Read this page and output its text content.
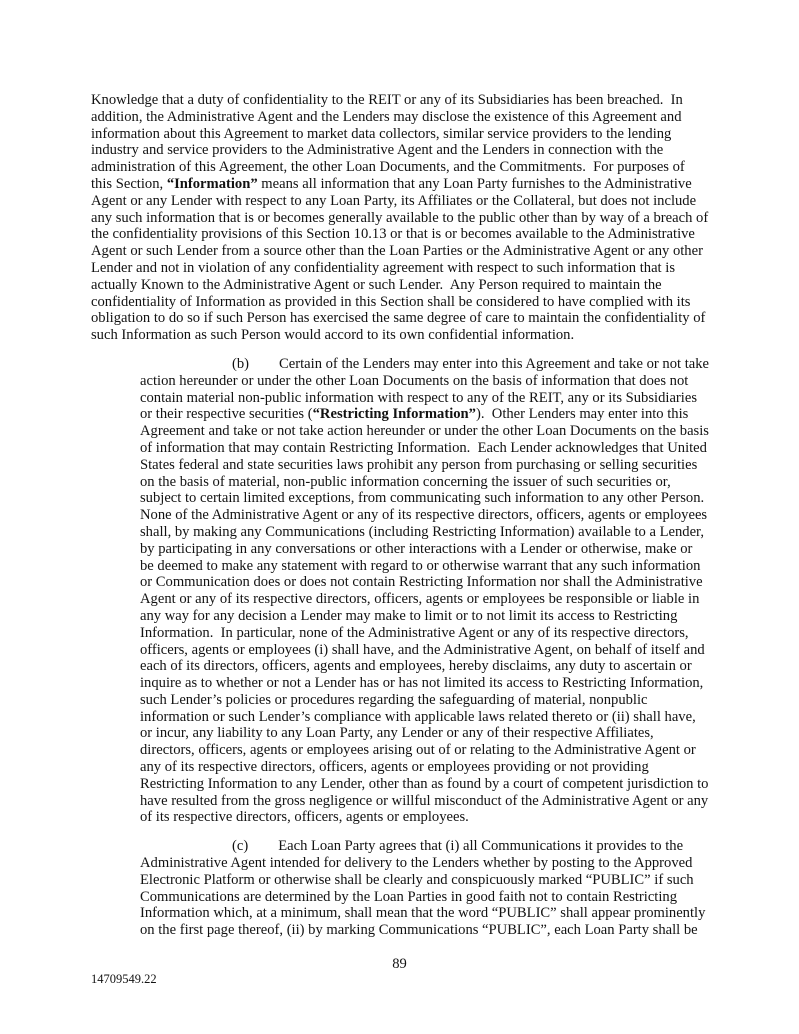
Knowledge that a duty of confidentiality to the REIT or any of its Subsidiaries has been breached.  In addition, the Administrative Agent and the Lenders may disclose the existence of this Agreement and information about this Agreement to market data collectors, similar service providers to the lending industry and service providers to the Administrative Agent and the Lenders in connection with the administration of this Agreement, the other Loan Documents, and the Commitments.  For purposes of this Section, “Information” means all information that any Loan Party furnishes to the Administrative Agent or any Lender with respect to any Loan Party, its Affiliates or the Collateral, but does not include any such information that is or becomes generally available to the public other than by way of a breach of the confidentiality provisions of this Section 10.13 or that is or becomes available to the Administrative Agent or such Lender from a source other than the Loan Parties or the Administrative Agent or any other Lender and not in violation of any confidentiality agreement with respect to such information that is actually Known to the Administrative Agent or such Lender.  Any Person required to maintain the confidentiality of Information as provided in this Section shall be considered to have complied with its obligation to do so if such Person has exercised the same degree of care to maintain the confidentiality of such Information as such Person would accord to its own confidential information.

(b) Certain of the Lenders may enter into this Agreement and take or not take action hereunder or under the other Loan Documents on the basis of information that does not contain material non-public information with respect to any of the REIT, any or its Subsidiaries or their respective securities (“Restricting Information”).  Other Lenders may enter into this Agreement and take or not take action hereunder or under the other Loan Documents on the basis of information that may contain Restricting Information.  Each Lender acknowledges that United States federal and state securities laws prohibit any person from purchasing or selling securities on the basis of material, non-public information concerning the issuer of such securities or, subject to certain limited exceptions, from communicating such information to any other Person.  None of the Administrative Agent or any of its respective directors, officers, agents or employees shall, by making any Communications (including Restricting Information) available to a Lender, by participating in any conversations or other interactions with a Lender or otherwise, make or be deemed to make any statement with regard to or otherwise warrant that any such information or Communication does or does not contain Restricting Information nor shall the Administrative Agent or any of its respective directors, officers, agents or employees be responsible or liable in any way for any decision a Lender may make to limit or to not limit its access to Restricting Information.  In particular, none of the Administrative Agent or any of its respective directors, officers, agents or employees (i) shall have, and the Administrative Agent, on behalf of itself and each of its directors, officers, agents and employees, hereby disclaims, any duty to ascertain or inquire as to whether or not a Lender has or has not limited its access to Restricting Information, such Lender’s policies or procedures regarding the safeguarding of material, nonpublic information or such Lender’s compliance with applicable laws related thereto or (ii) shall have, or incur, any liability to any Loan Party, any Lender or any of their respective Affiliates, directors, officers, agents or employees arising out of or relating to the Administrative Agent or any of its respective directors, officers, agents or employees providing or not providing Restricting Information to any Lender, other than as found by a court of competent jurisdiction to have resulted from the gross negligence or willful misconduct of the Administrative Agent or any of its respective directors, officers, agents or employees.

(c) Each Loan Party agrees that (i) all Communications it provides to the Administrative Agent intended for delivery to the Lenders whether by posting to the Approved Electronic Platform or otherwise shall be clearly and conspicuously marked “PUBLIC” if such Communications are determined by the Loan Parties in good faith not to contain Restricting Information which, at a minimum, shall mean that the word “PUBLIC” shall appear prominently on the first page thereof, (ii) by marking Communications “PUBLIC”, each Loan Party shall be

89
14709549.22
